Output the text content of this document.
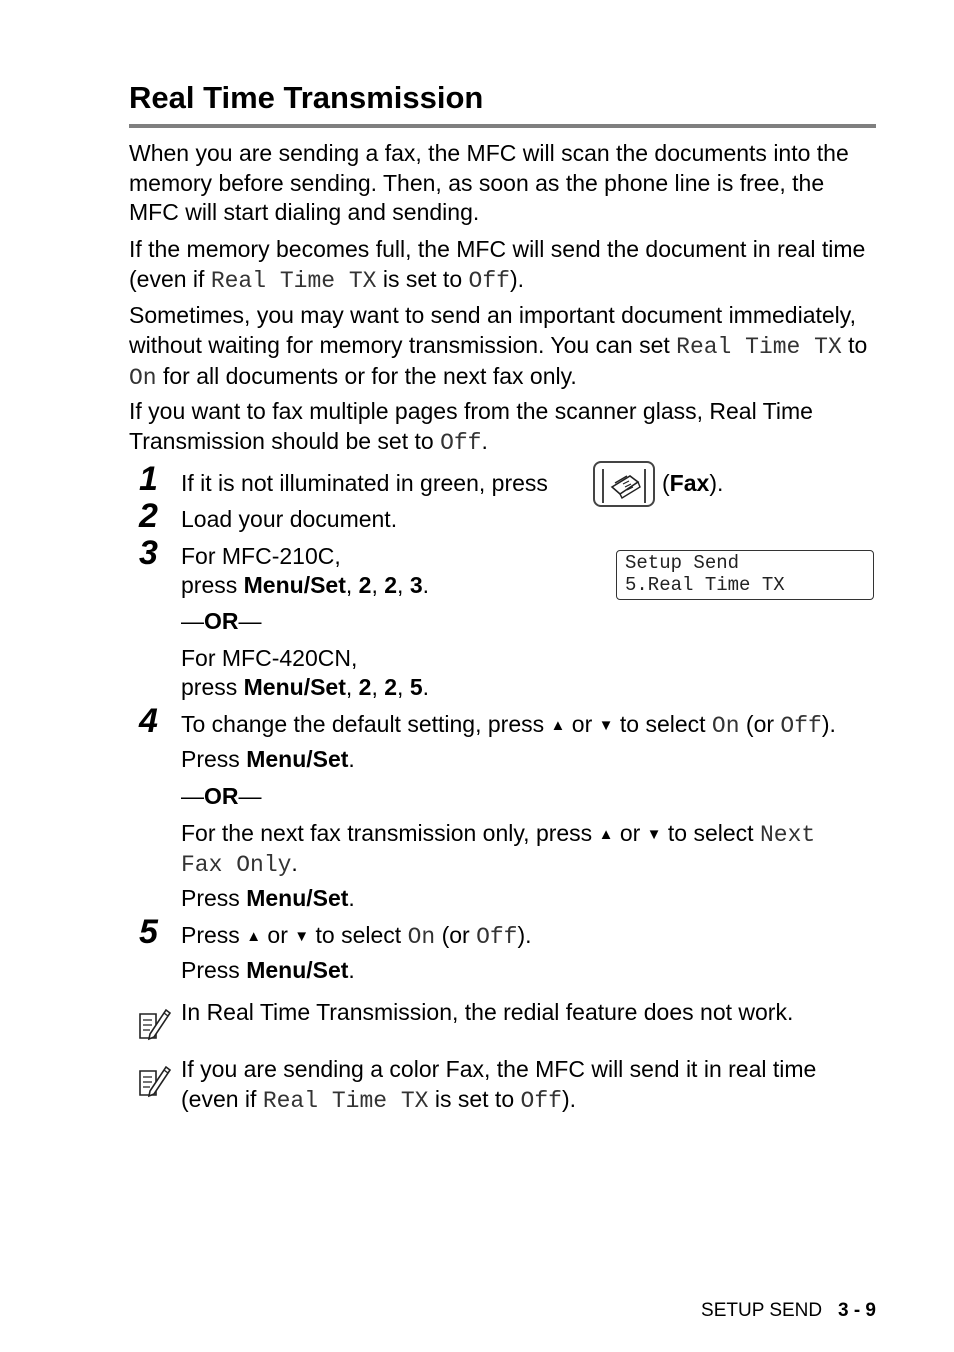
Real Time Transmission

When you are sending a fax, the MFC will scan the documents into the memory before sending. Then, as soon as the phone line is free, the MFC will start dialing and sending.

If the memory becomes full, the MFC will send the document in real time (even if Real Time TX is set to Off).

Sometimes, you may want to send an important document immediately, without waiting for memory transmission. You can set Real Time TX to On for all documents or for the next fax only.

If you want to fax multiple pages from the scanner glass, Real Time Transmission should be set to Off.

1 If it is not illuminated in green, press	(Fax).
2 Load your document.
3 For MFC-210C,
press Menu/Set, 2, 2, 3.
Setup Send
5.Real Time TX
—OR—
For MFC-420CN,
press Menu/Set, 2, 2, 5.
4 To change the default setting, press ▲ or ▼ to select On (or Off).
Press Menu/Set.
—OR—
For the next fax transmission only, press ▲ or ▼ to select Next
Fax Only.
Press Menu/Set.
5 Press ▲ or ▼ to select On (or Off).
Press Menu/Set.
In Real Time Transmission, the redial feature does not work.
If you are sending a color Fax, the MFC will send it in real time
(even if Real Time TX is set to Off).
SETUP SEND 3 - 9
